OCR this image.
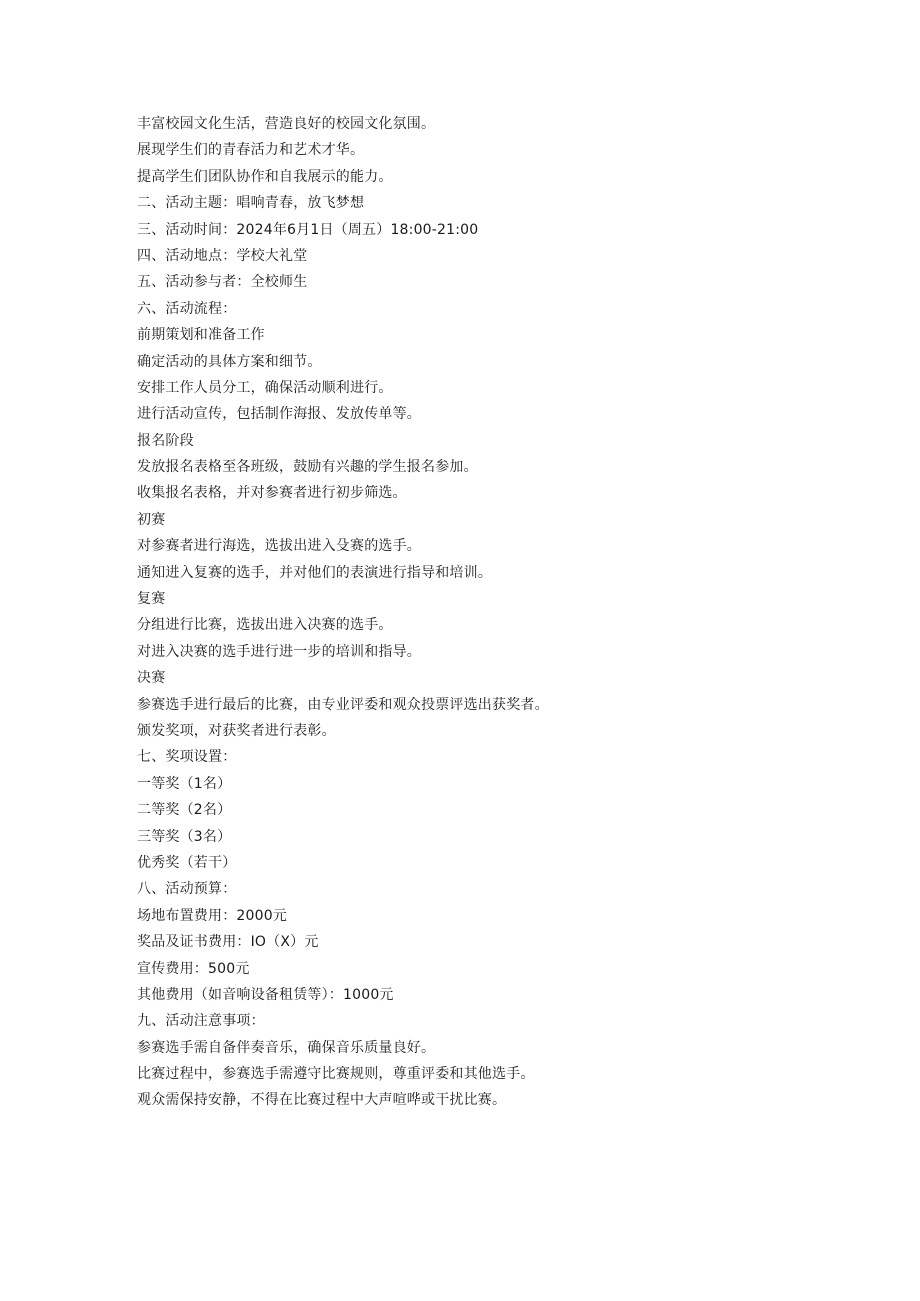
丰富校园文化生活，营造良好的校园文化氛围。
展现学生们的青春活力和艺术才华。
提高学生们团队协作和自我展示的能力。
二、活动主题：唱响青春，放飞梦想
三、活动时间：2024年6月1日（周五）18:00-21:00
四、活动地点：学校大礼堂
五、活动参与者：全校师生
六、活动流程：
前期策划和准备工作
确定活动的具体方案和细节。
安排工作人员分工，确保活动顺利进行。
进行活动宣传，包括制作海报、发放传单等。
报名阶段
发放报名表格至各班级，鼓励有兴趣的学生报名参加。
收集报名表格，并对参赛者进行初步筛选。
初赛
对参赛者进行海选，选拔出进入殳赛的选手。
通知进入复赛的选手，并对他们的表演进行指导和培训。
复赛
分组进行比赛，选拔出进入决赛的选手。
对进入决赛的选手进行进一步的培训和指导。
决赛
参赛选手进行最后的比赛，由专业评委和观众投票评选出获奖者。
颁发奖项，对获奖者进行表彰。
七、奖项设置：
一等奖（1名）
二等奖（2名）
三等奖（3名）
优秀奖（若干）
八、活动预算：
场地布置费用：2000元
奖品及证书费用：IO（X）元
宣传费用：500元
其他费用（如音响设备租赁等）：1000元
九、活动注意事项：
参赛选手需自备伴奏音乐，确保音乐质量良好。
比赛过程中，参赛选手需遵守比赛规则，尊重评委和其他选手。
观众需保持安静，不得在比赛过程中大声喧哗或干扰比赛。
